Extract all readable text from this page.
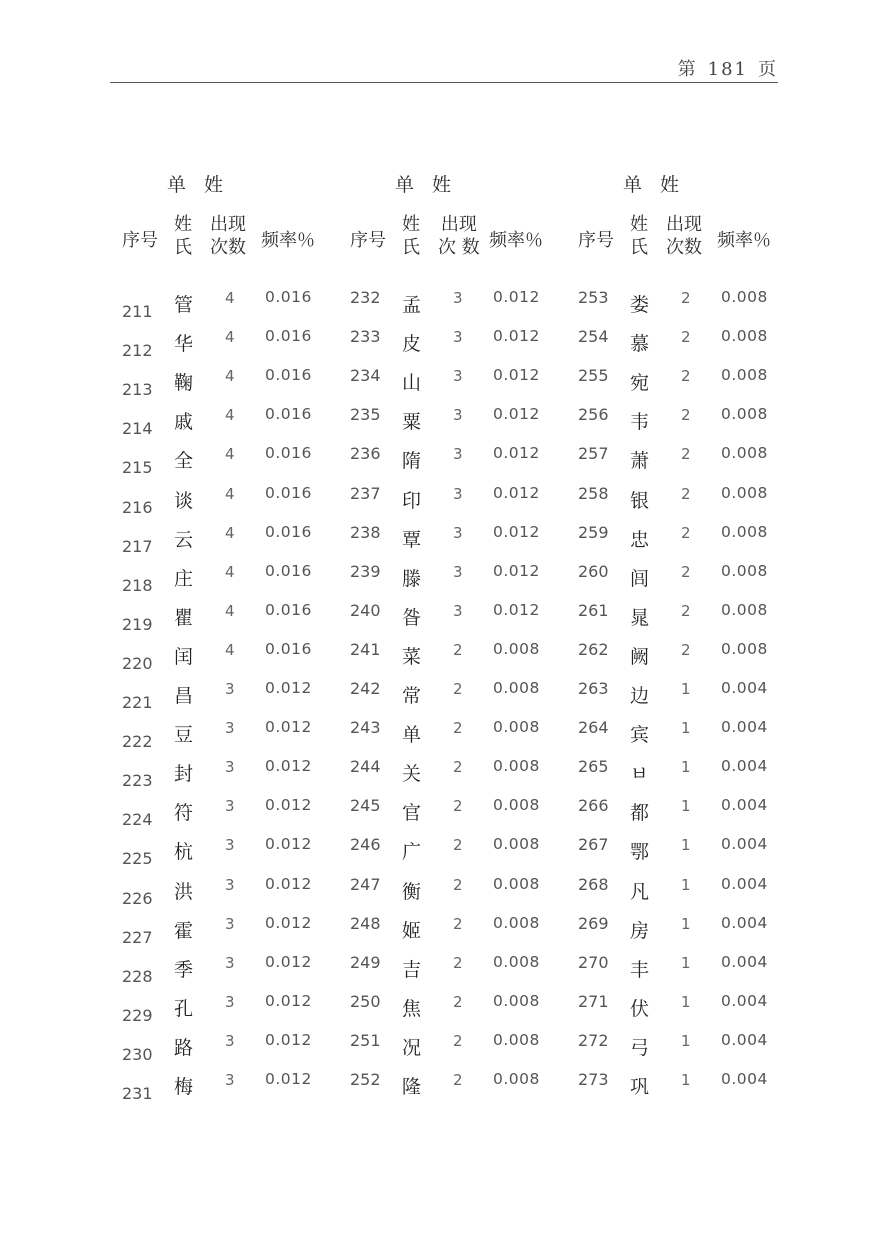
第 181 页
单 姓
序号
姓
氏
出现
次数 频率％
211 管 4 0.016
212 华 4 0.016
213 鞠 4 0.016
214 戚 4 0.016
215 全 4 0.016
216 谈 4 0.016
217 云 4 0.016
218 庄 4 0.016
219 瞿 4 0.016
220 闰 4 0.016
221 昌 3 0.012
222 豆 3 0.012
223 封 3 0.012
224 符 3 0.012
225 杭 3 0.012
226 洪 3 0.012
227 霍 3 0.012
228 季 3 0.012
229 孔 3 0.012
230 路 3 0.012
231 梅 3 0.012
单 姓
序号
姓
氏
出现
次 数 频率％
232 孟 3 0.012
233 皮 3 0.012
234 山 3 0.012
235 粟 3 0.012
236 隋 3 0.012
237 印 3 0.012
238 覃 3 0.012
239 滕 3 0.012
240 昝 3 0.012
241 菜 2 0.008
242 常 2 0.008
243 单 2 0.008
244 关 2 0.008
245 官 2 0.008
246 广 2 0.008
247 衡 2 0.008
248 姬 2 0.008
249 吉 2 0.008
250 焦 2 0.008
251 况 2 0.008
252 隆 2 0.008
单 姓
序号
姓
氏
出现
次数 频率％
253 娄 2 0.008
254 慕 2 0.008
255 宛 2 0.008
256 韦 2 0.008
257 萧 2 0.008
258 银 2 0.008
259 忠 2 0.008
260 闾 2 0.008
261 晁 2 0.008
262 阙 2 0.008
263 边 1 0.004
264 宾 1 0.004
265 ㅂ 1 0.004
266 都 1 0.004
267 鄂 1 0.004
268 凡 1 0.004
269 房 1 0.004
270 丰 1 0.004
271 伏 1 0.004
272 弓 1 0.004
273 巩 1 0.004
